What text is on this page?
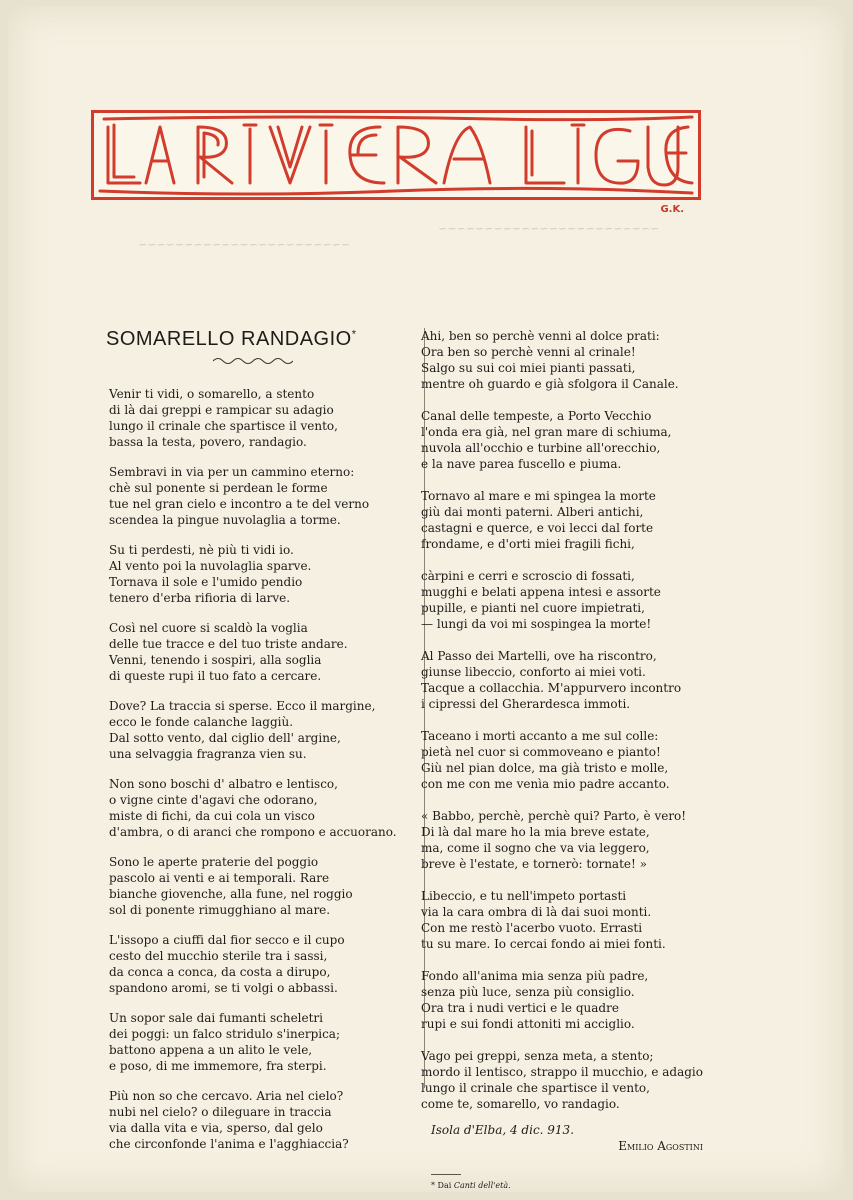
G.K.
~~~~~~~~~~~~~~~~~~~~~~~~
~~~~~~~~~~~~~~~~~~~~~~~
SOMARELLO RANDAGIO*
Venir ti vidi, o somarello, a stento
di là dai greppi e rampicar su adagio
lungo il crinale che spartisce il vento,
bassa la testa, povero, randagio.
Sembravi in via per un cammino eterno:
chè sul ponente si perdean le forme
tue nel gran cielo e incontro a te del verno
scendea la pingue nuvolaglia a torme.
Su ti perdesti, nè più ti vidi io.
Al vento poi la nuvolaglia sparve.
Tornava il sole e l'umido pendio
tenero d'erba rifioria di larve.
Così nel cuore si scaldò la voglia
delle tue tracce e del tuo triste andare.
Venni, tenendo i sospiri, alla soglia
di queste rupi il tuo fato a cercare.
Dove? La traccia si sperse. Ecco il margine,
ecco le fonde calanche laggiù.
Dal sotto vento, dal ciglio dell' argine,
una selvaggia fragranza vien su.
Non sono boschi d' albatro e lentisco,
o vigne cinte d'agavi che odorano,
miste di fichi, da cui cola un visco
d'ambra, o di aranci che rompono e accuorano.
Sono le aperte praterie del poggio
pascolo ai venti e ai temporali. Rare
bianche giovenche, alla fune, nel roggio
sol di ponente rimugghiano al mare.
L'issopo a ciuffi dal fior secco e il cupo
cesto del mucchio sterile tra i sassi,
da conca a conca, da costa a dirupo,
spandono aromi, se ti volgi o abbassi.
Un sopor sale dai fumanti scheletri
dei poggi: un falco stridulo s'inerpica;
battono appena a un alito le vele,
e poso, di me immemore, fra sterpi.
Più non so che cercavo. Aria nel cielo?
nubi nel cielo? o dileguare in traccia
via dalla vita e via, sperso, dal gelo
che circonfonde l'anima e l'agghiaccia?
Ahi, ben so perchè venni al dolce prati:
Ora ben so perchè venni al crinale!
Salgo su sui coi miei pianti passati,
mentre oh guardo e già sfolgora il Canale.
Canal delle tempeste, a Porto Vecchio
l'onda era già, nel gran mare di schiuma,
nuvola all'occhio e turbine all'orecchio,
e la nave parea fuscello e piuma.
Tornavo al mare e mi spingea la morte
giù dai monti paterni. Alberi antichi,
castagni e querce, e voi lecci dal forte
frondame, e d'orti miei fragili fichi,
càrpini e cerri e scroscio di fossati,
mugghi e belati appena intesi e assorte
pupille, e pianti nel cuore impietrati,
— lungi da voi mi sospingea la morte!
Al Passo dei Martelli, ove ha riscontro,
giunse libeccio, conforto ai miei voti.
Tacque a collacchia. M'appurvero incontro
i cipressi del Gherardesca immoti.
Taceano i morti accanto a me sul colle:
pietà nel cuor si commoveano e pianto!
Giù nel pian dolce, ma già tristo e molle,
con me con me venìa mio padre accanto.
« Babbo, perchè, perchè qui? Parto, è vero!
Di là dal mare ho la mia breve estate,
ma, come il sogno che va via leggero,
breve è l'estate, e tornerò: tornate! »
Libeccio, e tu nell'impeto portasti
via la cara ombra di là dai suoi monti.
Con me restò l'acerbo vuoto. Errasti
tu su mare. Io cercai fondo ai miei fonti.
Fondo all'anima mia senza più padre,
senza più luce, senza più consiglio.
Ora tra i nudi vertici e le quadre
rupi e sui fondi attoniti mi acciglio.
Vago pei greppi, senza meta, a stento;
mordo il lentisco, strappo il mucchio, e adagio
lungo il crinale che spartisce il vento,
come te, somarello, vo randagio.
Isola d'Elba, 4 dic. 913.
Emilio Agostini
* Dai Canti dell'età.
